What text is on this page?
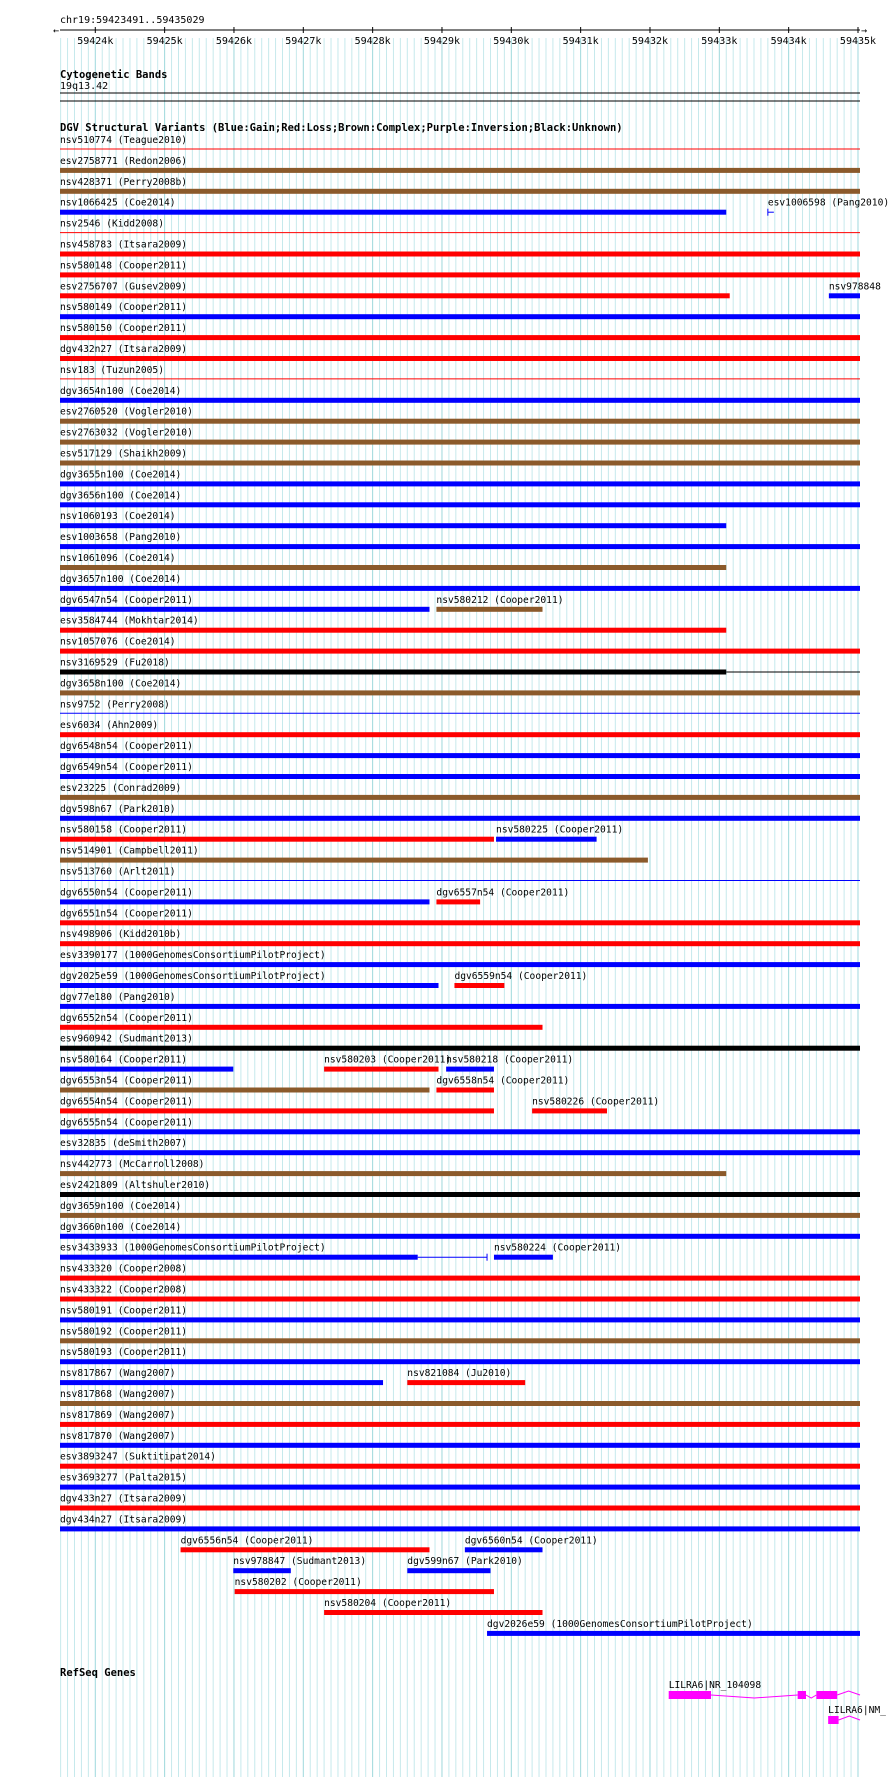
chr19:59423491..59435029
←	→
59424k	59425k	59426k	59427k	59428k	59429k	59430k	59431k	59432k	59433k	59434k	59435k
Cytogenetic Bands
19q13.42
DGV Structural Variants (Blue:Gain;Red:Loss;Brown:Complex;Purple:Inversion;Black:Unknown)
nsv510774 (Teague2010)
esv2758771 (Redon2006)
nsv428371 (Perry2008b)
nsv1066425 (Coe2014)	esv1006598 (Pang2010)
nsv2546 (Kidd2008)
nsv458783 (Itsara2009)
nsv580148 (Cooper2011)
esv2756707 (Gusev2009)	nsv978848
nsv580149 (Cooper2011)
nsv580150 (Cooper2011)
dgv432n27 (Itsara2009)
nsv183 (Tuzun2005)
dgv3654n100 (Coe2014)
esv2760520 (Vogler2010)
esv2763032 (Vogler2010)
esv517129 (Shaikh2009)
dgv3655n100 (Coe2014)
dgv3656n100 (Coe2014)
nsv1060193 (Coe2014)
esv1003658 (Pang2010)
nsv1061096 (Coe2014)
dgv3657n100 (Coe2014)
dgv6547n54 (Cooper2011)	nsv580212 (Cooper2011)
esv3584744 (Mokhtar2014)
nsv1057076 (Coe2014)
nsv3169529 (Fu2018)
dgv3658n100 (Coe2014)
nsv9752 (Perry2008)
esv6034 (Ahn2009)
dgv6548n54 (Cooper2011)
dgv6549n54 (Cooper2011)
esv23225 (Conrad2009)
dgv598n67 (Park2010)
nsv580158 (Cooper2011)	nsv580225 (Cooper2011)
nsv514901 (Campbell2011)
nsv513760 (Arlt2011)
dgv6550n54 (Cooper2011)	dgv6557n54 (Cooper2011)
dgv6551n54 (Cooper2011)
nsv498906 (Kidd2010b)
esv3390177 (1000GenomesConsortiumPilotProject)
dgv2025e59 (1000GenomesConsortiumPilotProject)	dgv6559n54 (Cooper2011)
dgv77e180 (Pang2010)
dgv6552n54 (Cooper2011)
esv960942 (Sudmant2013)
nsv580164 (Cooper2011)	nsv580203 (Cooper2011)
nsv580218 (Cooper2011)
dgv6553n54 (Cooper2011)	dgv6558n54 (Cooper2011)
dgv6554n54 (Cooper2011)	nsv580226 (Cooper2011)
dgv6555n54 (Cooper2011)
esv32835 (deSmith2007)
nsv442773 (McCarroll2008)
esv2421809 (Altshuler2010)
dgv3659n100 (Coe2014)
dgv3660n100 (Coe2014)
esv3433933 (1000GenomesConsortiumPilotProject)	nsv580224 (Cooper2011)
nsv433320 (Cooper2008)
nsv433322 (Cooper2008)
nsv580191 (Cooper2011)
nsv580192 (Cooper2011)
nsv580193 (Cooper2011)
nsv817867 (Wang2007)	nsv821084 (Ju2010)
nsv817868 (Wang2007)
nsv817869 (Wang2007)
nsv817870 (Wang2007)
esv3893247 (Suktitipat2014)
esv3693277 (Palta2015)
dgv433n27 (Itsara2009)
dgv434n27 (Itsara2009)
dgv6556n54 (Cooper2011)	dgv6560n54 (Cooper2011)
nsv978847 (Sudmant2013)	dgv599n67 (Park2010)
nsv580202 (Cooper2011)
nsv580204 (Cooper2011)
dgv2026e59 (1000GenomesConsortiumPilotProject)
RefSeq Genes
LILRA6|NR_104098
LILRA6|NM_
